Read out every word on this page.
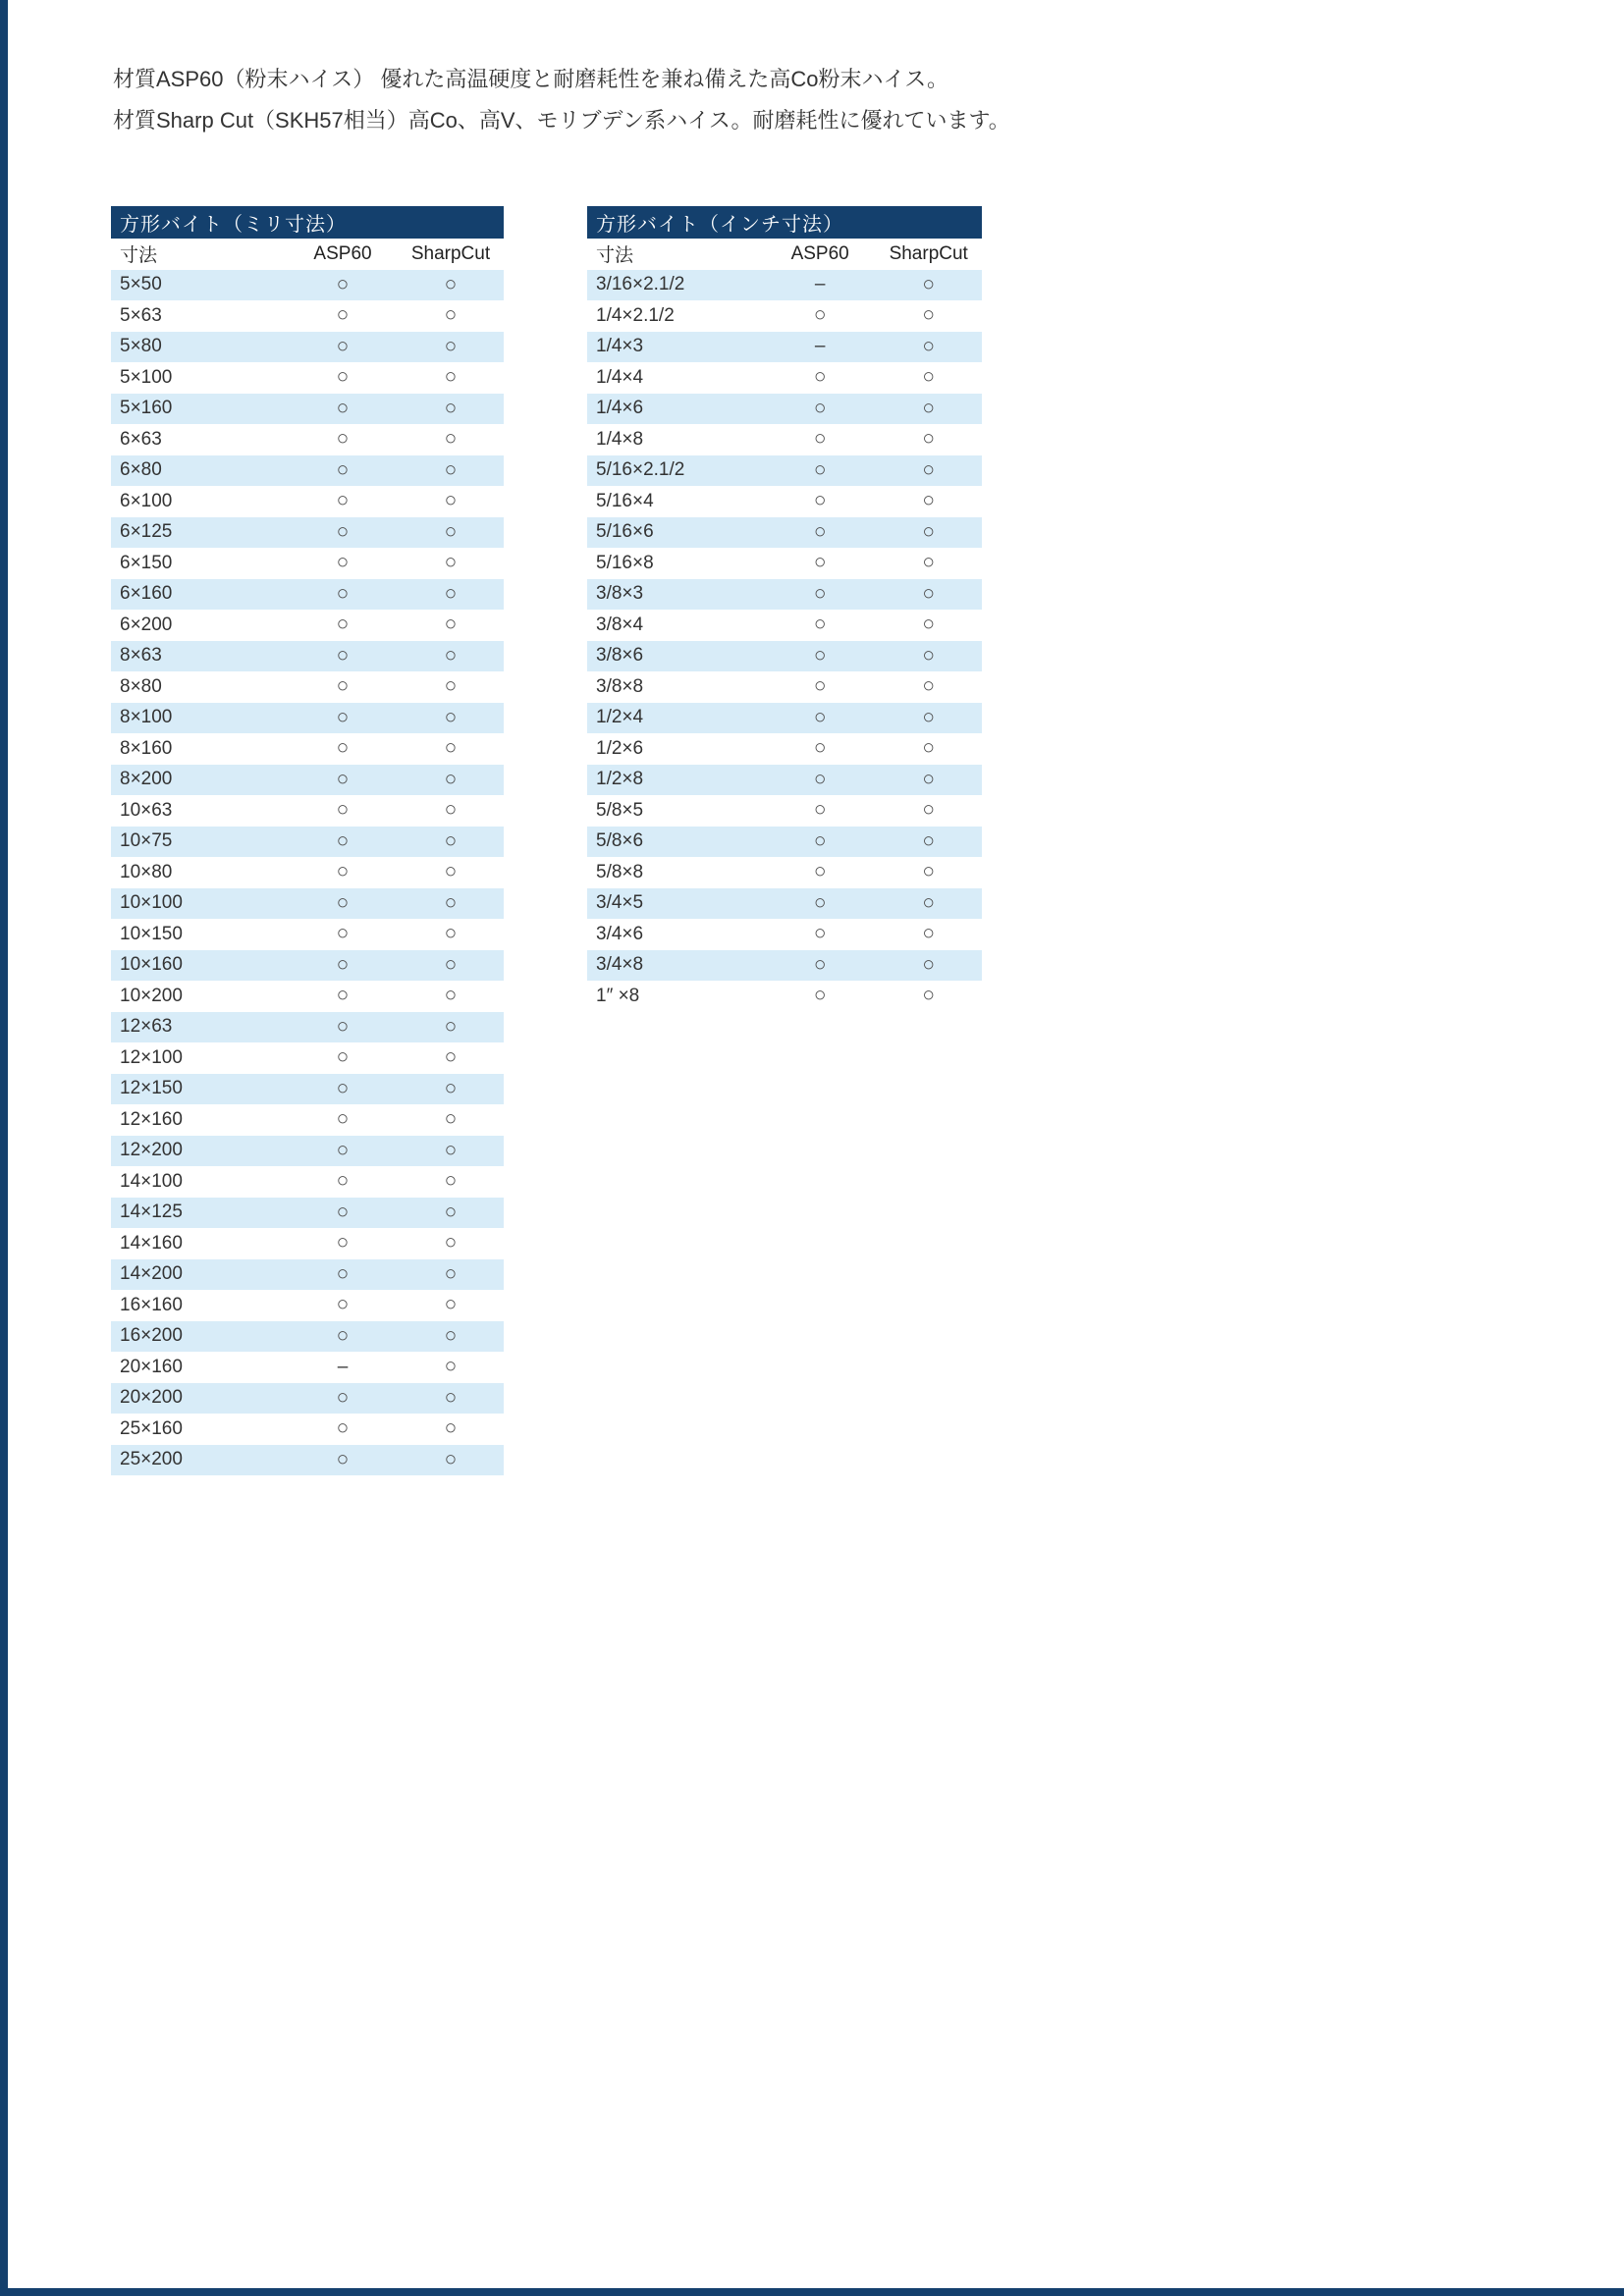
材質ASP60（粉末ハイス） 優れた高温硬度と耐磨耗性を兼ね備えた高Co粉末ハイス。

材質Sharp Cut（SKH57相当）高Co、高V、モリブデン系ハイス。耐磨耗性に優れています。

方形バイト（ミリ寸法）
寸法	ASP60	SharpCut
5×50	○	○
5×63	○	○
5×80	○	○
5×100	○	○
5×160	○	○
6×63	○	○
6×80	○	○
6×100	○	○
6×125	○	○
6×150	○	○
6×160	○	○
6×200	○	○
8×63	○	○
8×80	○	○
8×100	○	○
8×160	○	○
8×200	○	○
10×63	○	○
10×75	○	○
10×80	○	○
10×100	○	○
10×150	○	○
10×160	○	○
10×200	○	○
12×63	○	○
12×100	○	○
12×150	○	○
12×160	○	○
12×200	○	○
14×100	○	○
14×125	○	○
14×160	○	○
14×200	○	○
16×160	○	○
16×200	○	○
20×160	–	○
20×200	○	○
25×160	○	○
25×200	○	○
方形バイト（インチ寸法）
寸法	ASP60	SharpCut
3/16×2.1/2	–	○
1/4×2.1/2	○	○
1/4×3	–	○
1/4×4	○	○
1/4×6	○	○
1/4×8	○	○
5/16×2.1/2	○	○
5/16×4	○	○
5/16×6	○	○
5/16×8	○	○
3/8×3	○	○
3/8×4	○	○
3/8×6	○	○
3/8×8	○	○
1/2×4	○	○
1/2×6	○	○
1/2×8	○	○
5/8×5	○	○
5/8×6	○	○
5/8×8	○	○
3/4×5	○	○
3/4×6	○	○
3/4×8	○	○
1″ ×8	○	○
